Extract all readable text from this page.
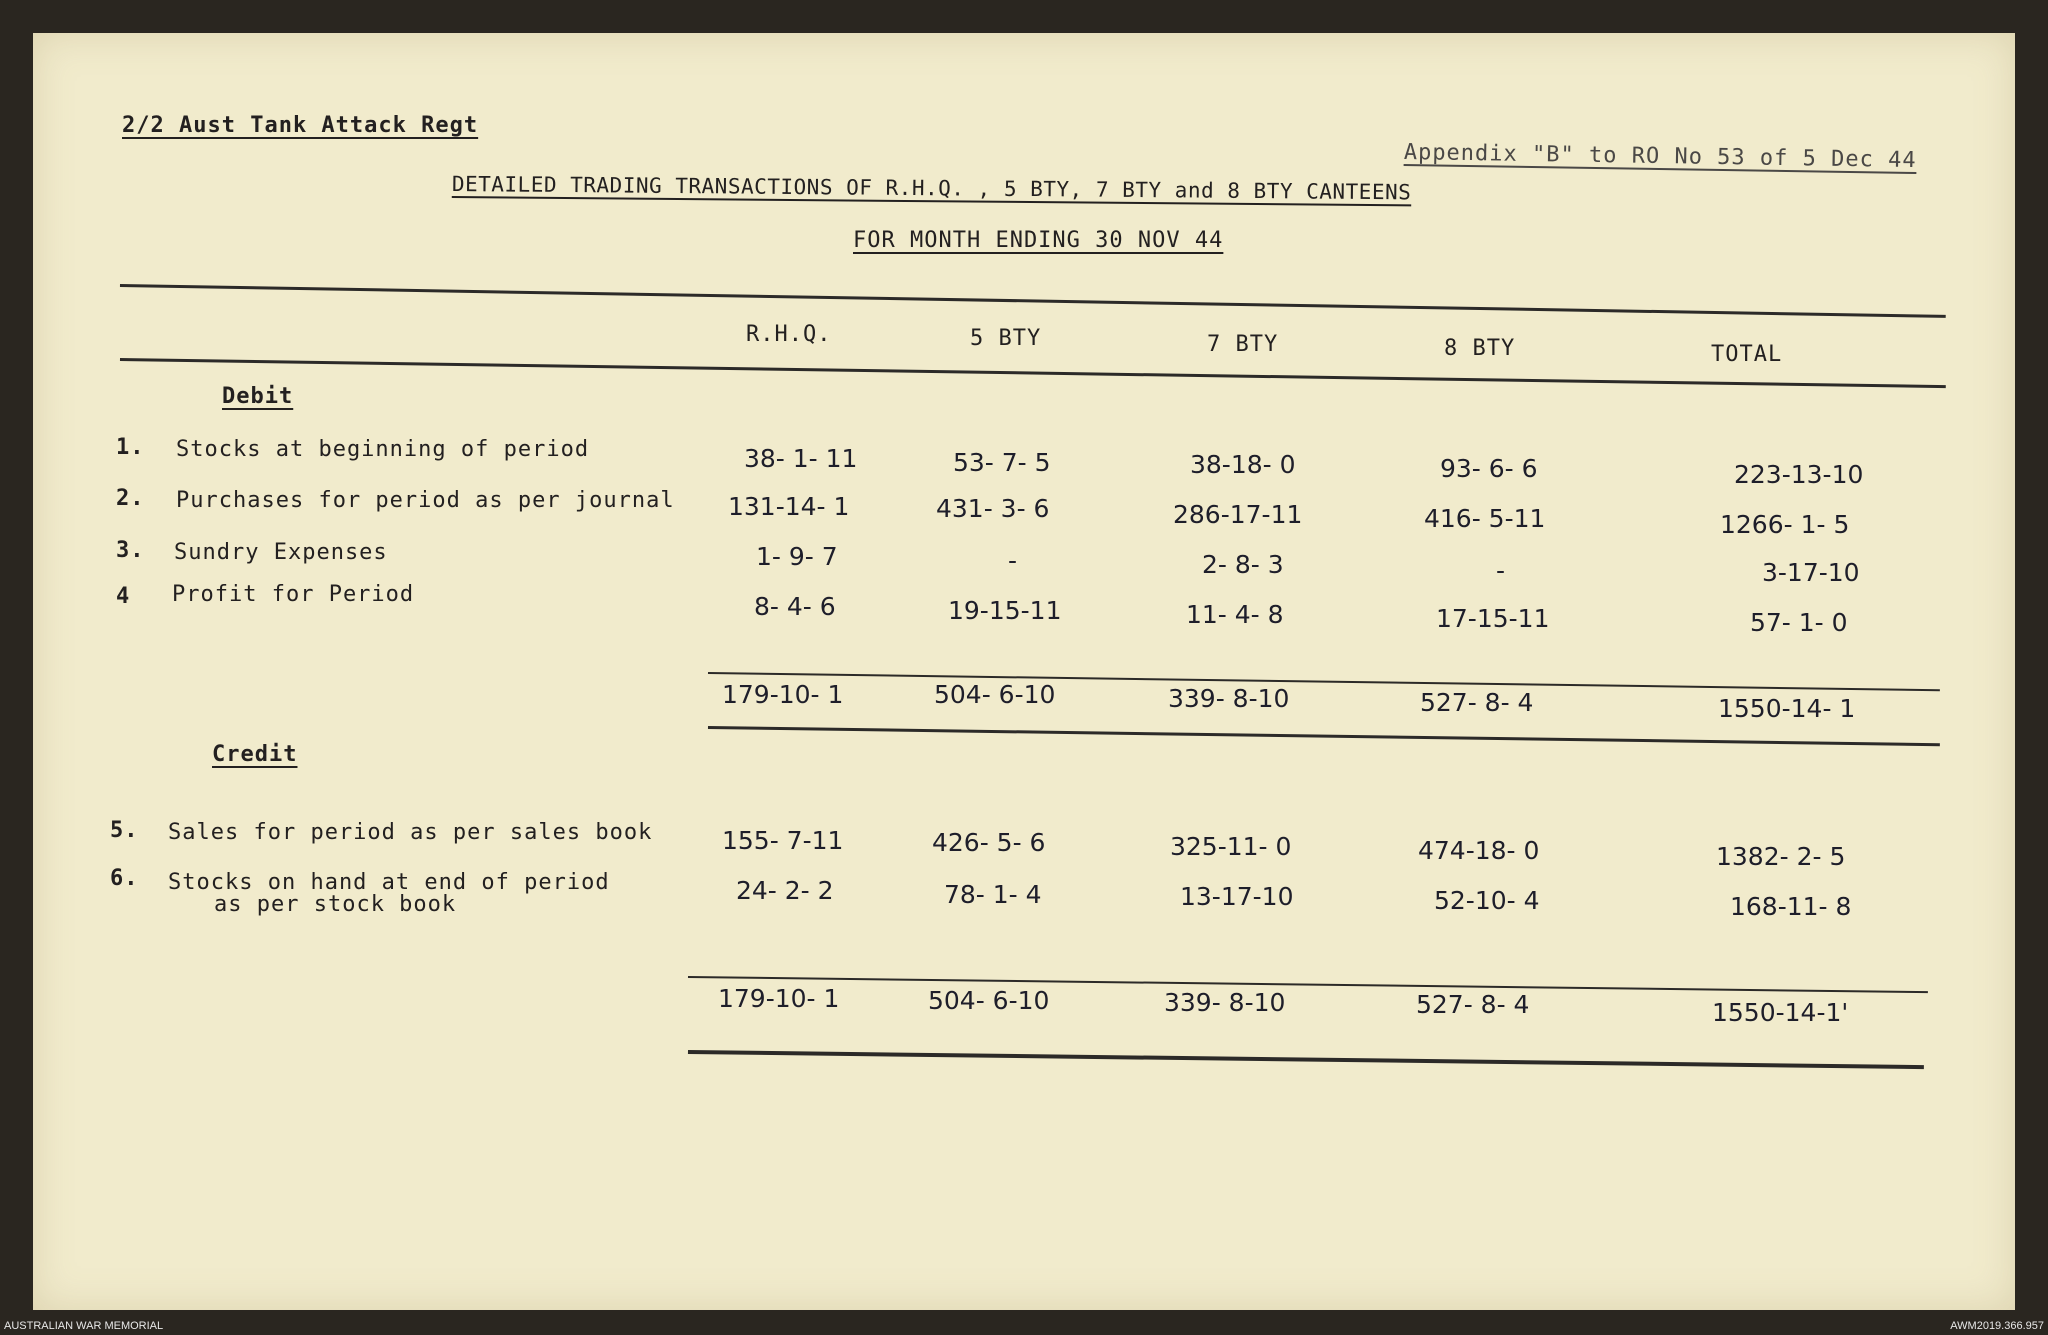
2/2 Aust Tank Attack Regt
Appendix "B" to RO No 53 of 5 Dec 44
DETAILED TRADING TRANSACTIONS OF R.H.Q. , 5 BTY, 7 BTY and 8 BTY CANTEENS
FOR MONTH ENDING 30 NOV 44
R.H.Q.	5 BTY	7 BTY	8 BTY	TOTAL
Debit
1. Stocks at beginning of period	38- 1- 11	53- 7- 5	38-18- 0	93- 6- 6	223-13-10
2. Purchases for period as per journal 131-14- 1	431- 3- 6	286-17-11	416- 5-11	1266- 1- 5
3. Sundry Expenses	1- 9- 7	-	2- 8- 3	-	3-17-10
4 Profit for Period	8- 4- 6	19-15-11	11- 4- 8	17-15-11	57- 1- 0
179-10- 1	504- 6-10	339- 8-10	527- 8- 4	1550-14- 1
Credit
5. Sales for period as per sales book	155- 7-11	426- 5- 6	325-11- 0	474-18- 0	1382- 2- 5
6. Stocks on hand at end of period
as per stock book	24- 2- 2	78- 1- 4	13-17-10	52-10- 4	168-11- 8
179-10- 1	504- 6-10	339- 8-10	527- 8- 4	1550-14-1'
AUSTRALIAN WAR MEMORIAL	AWM2019.366.957
